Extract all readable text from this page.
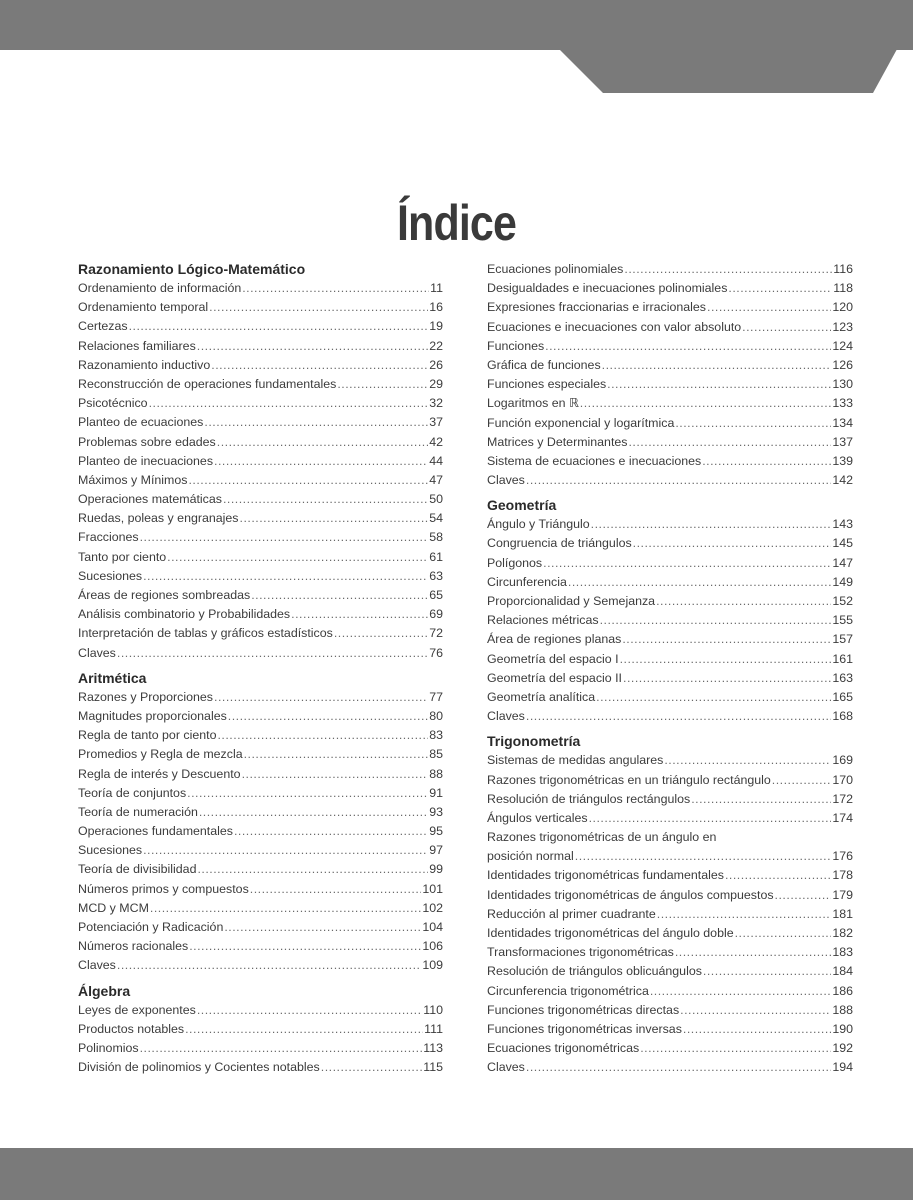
Índice
Razonamiento Lógico-Matemático
Ordenamiento de información .....	11
Ordenamiento temporal .....	16
Certezas .....	19
Relaciones familiares .....	22
Razonamiento inductivo .....	26
Reconstrucción de operaciones fundamentales .....	29
Psicotécnico .....	32
Planteo de ecuaciones .....	37
Problemas sobre edades .....	42
Planteo de inecuaciones .....	44
Máximos y Mínimos .....	47
Operaciones matemáticas .....	50
Ruedas, poleas y engranajes .....	54
Fracciones .....	58
Tanto por ciento .....	61
Sucesiones .....	63
Áreas de regiones sombreadas .....	65
Análisis combinatorio y Probabilidades .....	69
Interpretación de tablas y gráficos estadísticos .....	72
Claves .....	76
Aritmética
Razones y Proporciones .....	77
Magnitudes proporcionales .....	80
Regla de tanto por ciento .....	83
Promedios y Regla de mezcla .....	85
Regla de interés y Descuento .....	88
Teoría de conjuntos .....	91
Teoría de numeración .....	93
Operaciones fundamentales .....	95
Sucesiones .....	97
Teoría de divisibilidad .....	99
Números primos y compuestos .....	101
MCD y MCM .....	102
Potenciación y Radicación .....	104
Números racionales .....	106
Claves .....	109
Álgebra
Leyes de exponentes .....	110
Productos notables .....	111
Polinomios .....	113
División de polinomios y Cocientes notables .....	115
Ecuaciones polinomiales .....	116
Desigualdades e inecuaciones polinomiales .....	118
Expresiones fraccionarias e irracionales .....	120
Ecuaciones e inecuaciones con valor absoluto .....	123
Funciones .....	124
Gráfica de funciones .....	126
Funciones especiales .....	130
Logaritmos en ℝ .....	133
Función exponencial y logarítmica .....	134
Matrices y Determinantes .....	137
Sistema de ecuaciones e inecuaciones .....	139
Claves .....	142
Geometría
Ángulo y Triángulo .....	143
Congruencia de triángulos .....	145
Polígonos .....	147
Circunferencia .....	149
Proporcionalidad y Semejanza .....	152
Relaciones métricas .....	155
Área de regiones planas .....	157
Geometría del espacio I .....	161
Geometría del espacio II .....	163
Geometría analítica .....	165
Claves .....	168
Trigonometría
Sistemas de medidas angulares .....	169
Razones trigonométricas en un triángulo rectángulo .....	170
Resolución de triángulos rectángulos .....	172
Ángulos verticales .....	174
Razones trigonométricas de un ángulo en
posición normal .....	176
Identidades trigonométricas fundamentales .....	178
Identidades trigonométricas de ángulos compuestos .....	179
Reducción al primer cuadrante .....	181
Identidades trigonométricas del ángulo doble .....	182
Transformaciones trigonométricas .....	183
Resolución de triángulos oblicuángulos .....	184
Circunferencia trigonométrica .....	186
Funciones trigonométricas directas .....	188
Funciones trigonométricas inversas .....	190
Ecuaciones trigonométricas .....	192
Claves .....	194
